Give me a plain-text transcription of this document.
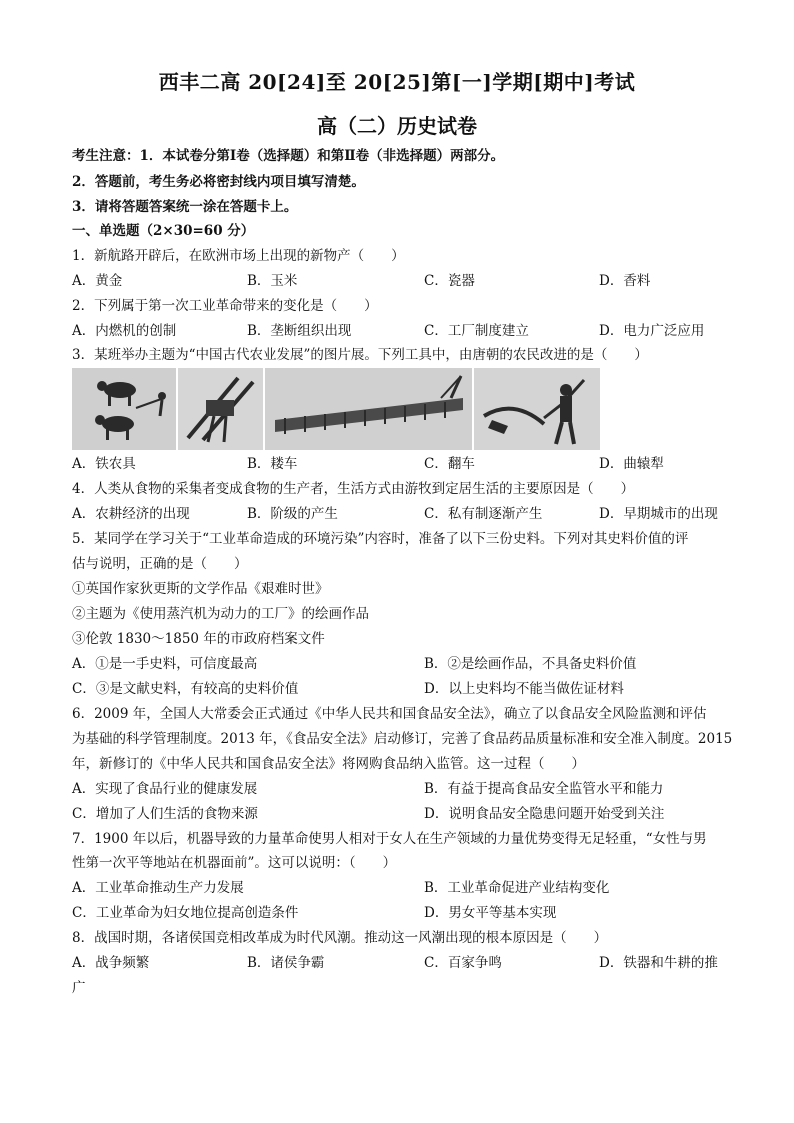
西丰二高 20[24]至 20[25]第[一]学期[期中]考试
高（二）历史试卷
考生注意：1．本试卷分第Ⅰ卷（选择题）和第Ⅱ卷（非选择题）两部分。
2．答题前，考生务必将密封线内项目填写清楚。
3．请将答题答案统一涂在答题卡上。
一、单选题（2×30=60 分）
1．新航路开辟后，在欧洲市场上出现的新物产（　　）
A．黄金	B．玉米	C．瓷器	D．香料
2．下列属于第一次工业革命带来的变化是（　　）
A．内燃机的创制	B．垄断组织出现	C．工厂制度建立	D．电力广泛应用
3．某班举办主题为“中国古代农业发展”的图片展。下列工具中，由唐朝的农民改进的是（　　）
A．铁农具	B．耧车	C．翻车	D．曲辕犁
4．人类从食物的采集者变成食物的生产者，生活方式由游牧到定居生活的主要原因是（　　）
A．农耕经济的出现	B．阶级的产生	C．私有制逐渐产生	D．早期城市的出现
5．某同学在学习关于“工业革命造成的环境污染”内容时，准备了以下三份史料。下列对其史料价值的评
估与说明，正确的是（　　）
①英国作家狄更斯的文学作品《艰难时世》
②主题为《使用蒸汽机为动力的工厂》的绘画作品
③伦敦 1830～1850 年的市政府档案文件
A．①是一手史料，可信度最高	B．②是绘画作品，不具备史料价值
C．③是文献史料，有较高的史料价值	D．以上史料均不能当做佐证材料
6．2009 年，全国人大常委会正式通过《中华人民共和国食品安全法》，确立了以食品安全风险监测和评估
为基础的科学管理制度。2013 年，《食品安全法》启动修订，完善了食品药品质量标准和安全准入制度。2015
年，新修订的《中华人民共和国食品安全法》将网购食品纳入监管。这一过程（　　）
A．实现了食品行业的健康发展	B．有益于提高食品安全监管水平和能力
C．增加了人们生活的食物来源	D．说明食品安全隐患问题开始受到关注
7．1900 年以后，机器导致的力量革命使男人相对于女人在生产领域的力量优势变得无足轻重，“女性与男
性第一次平等地站在机器面前”。这可以说明：（　　）
A．工业革命推动生产力发展	B．工业革命促进产业结构变化
C．工业革命为妇女地位提高创造条件	D．男女平等基本实现
8．战国时期，各诸侯国竞相改革成为时代风潮。推动这一风潮出现的根本原因是（　　）
A．战争频繁	B．诸侯争霸	C．百家争鸣	D．铁器和牛耕的推
广
